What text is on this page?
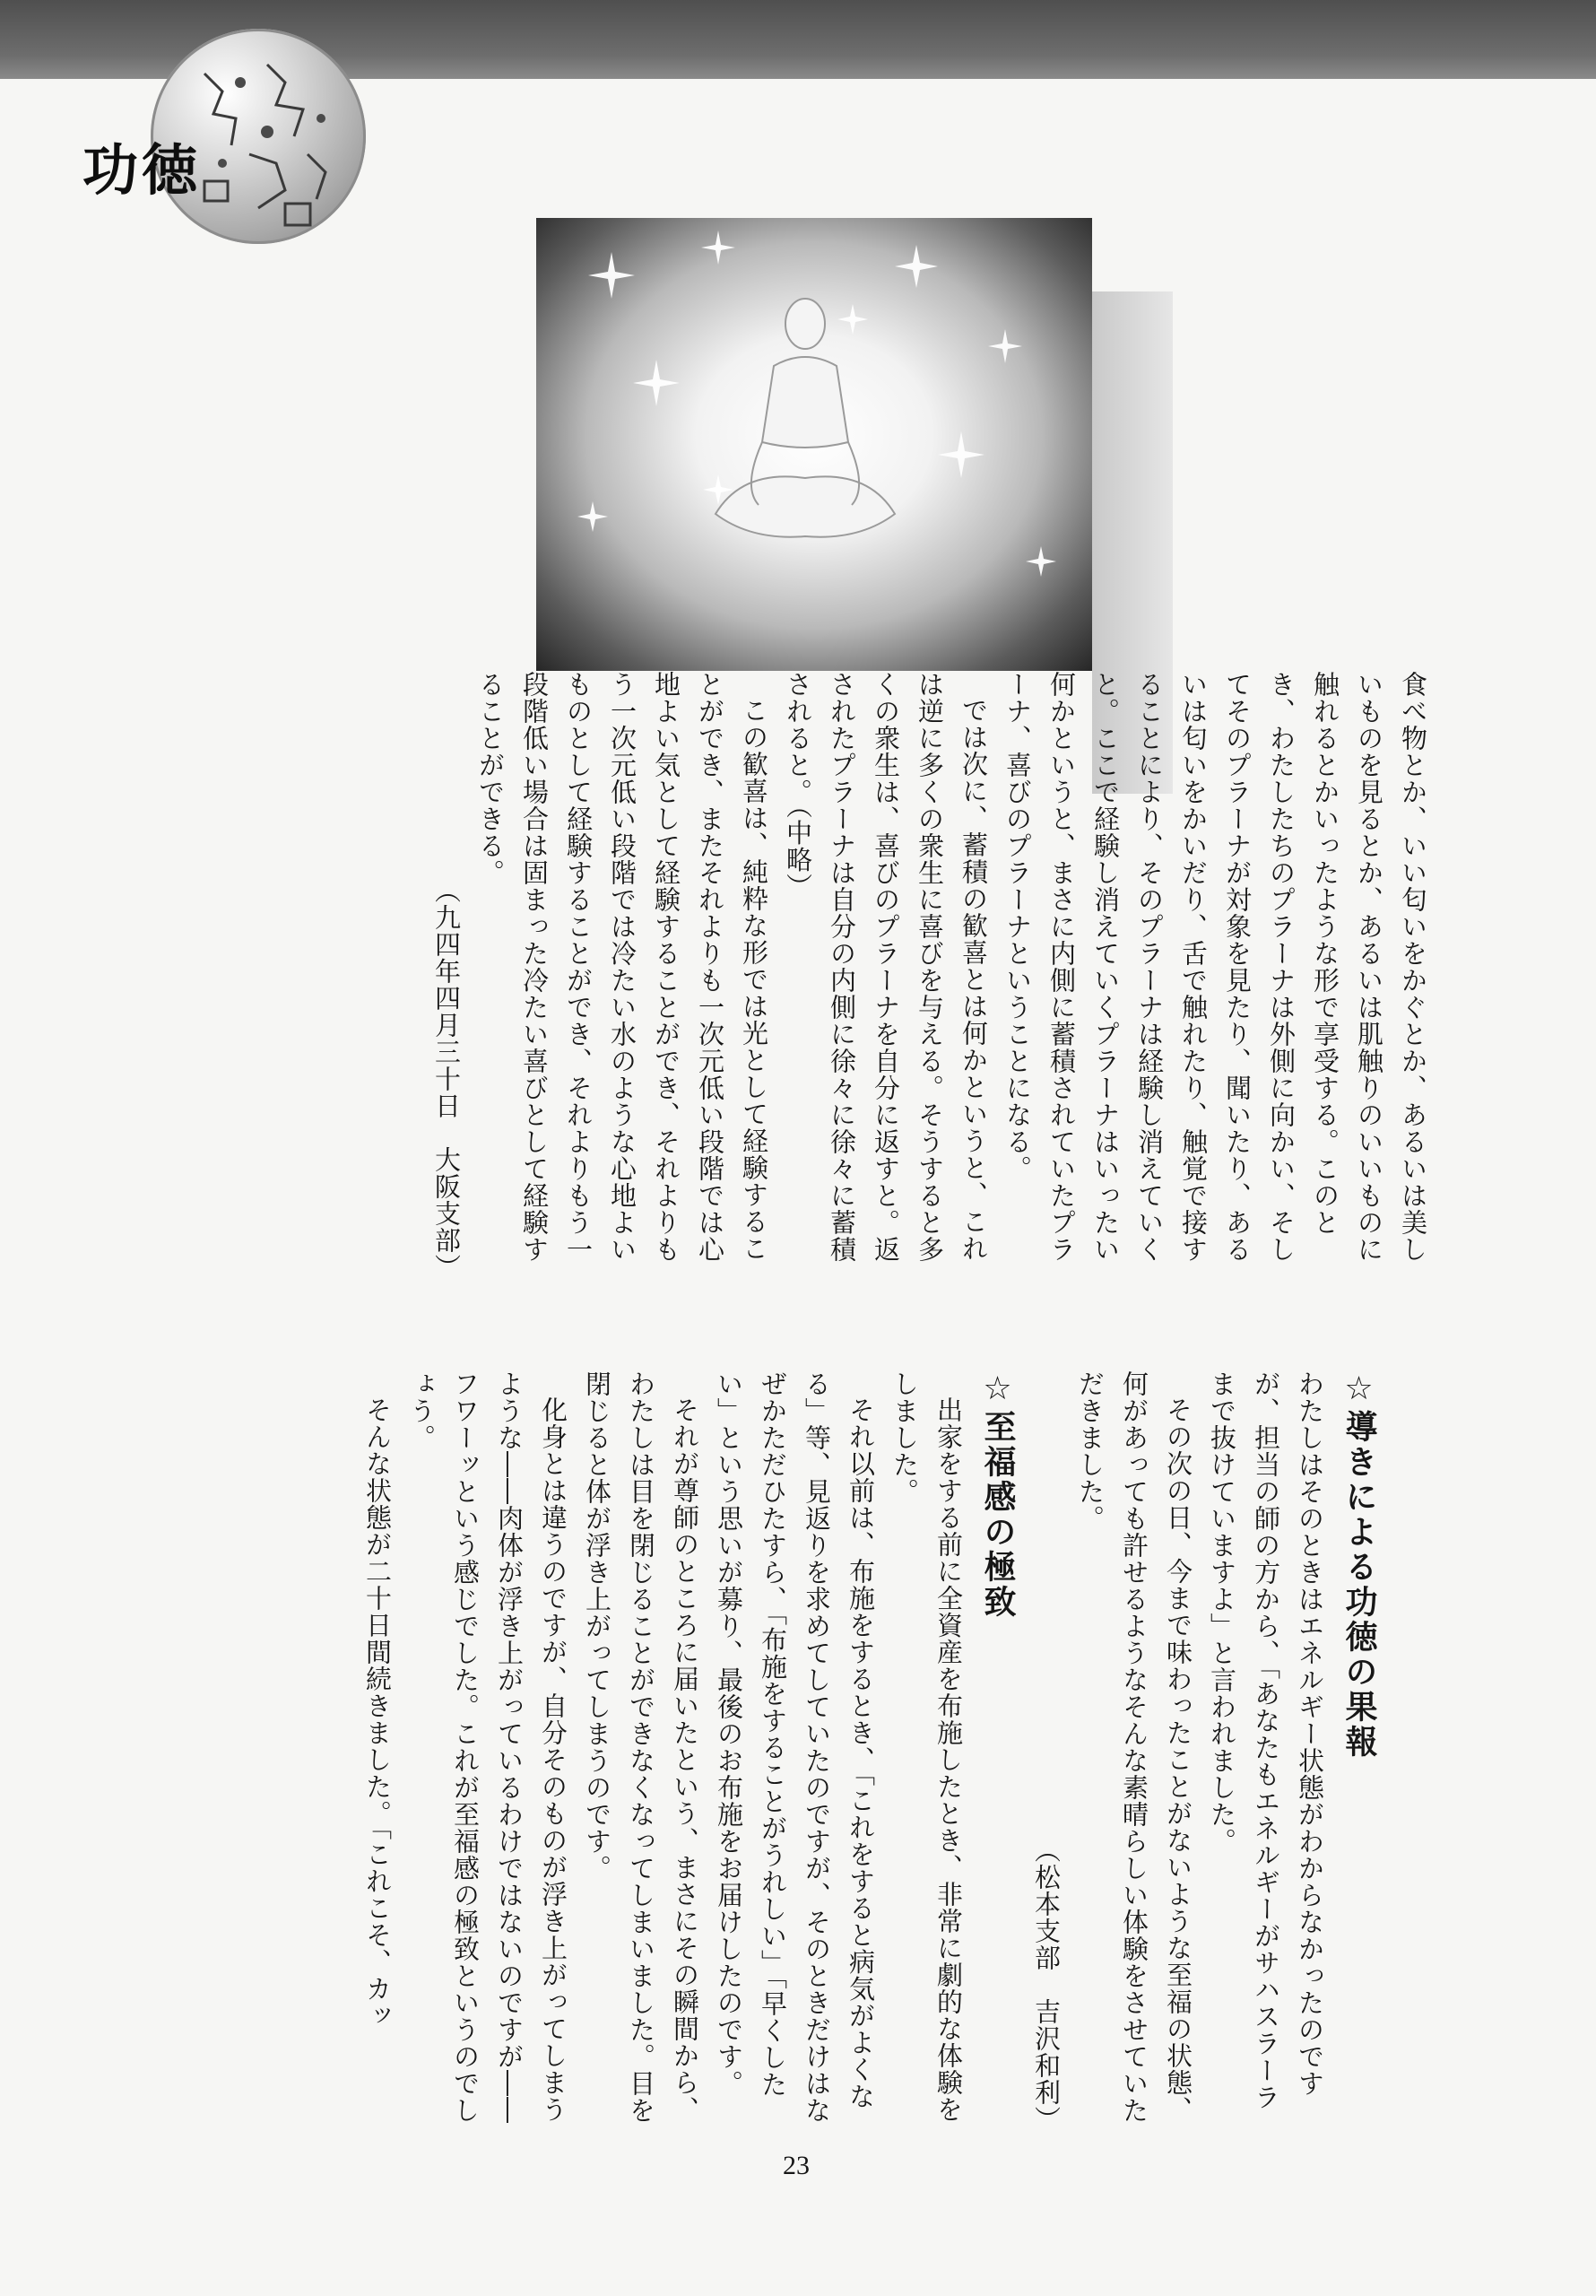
功徳

食べ物とか、いい匂いをかぐとか、あるいは美しいものを見るとか、あるいは肌触りのいいものに触れるとかいったような形で享受する。このとき、わたしたちのプラーナは外側に向かい、そしてそのプラーナが対象を見たり、聞いたり、あるいは匂いをかいだり、舌で触れたり、触覚で接することにより、そのプラーナは経験し消えていくと。ここで経験し消えていくプラーナはいったい何かというと、まさに内側に蓄積されていたプラーナ、喜びのプラーナということになる。

では次に、蓄積の歓喜とは何かというと、これは逆に多くの衆生に喜びを与える。そうすると多くの衆生は、喜びのプラーナを自分に返すと。返されたプラーナは自分の内側に徐々に徐々に蓄積されると。（中略）

この歓喜は、純粋な形では光として経験することができ、またそれよりも一次元低い段階では心地よい気として経験することができ、それよりもう一次元低い段階では冷たい水のような心地よいものとして経験することができ、それよりもう一段階低い場合は固まった冷たい喜びとして経験することができる。

（九四年四月三十日　大阪支部）

☆導きによる功徳の果報

わたしはそのときはエネルギー状態がわからなかったのですが、担当の師の方から、「あなたもエネルギーがサハスラーラまで抜けていますよ」と言われました。

その次の日、今まで味わったことがないような至福の状態、何があっても許せるようなそんな素晴らしい体験をさせていただきました。

（松本支部　吉沢和利）

☆至福感の極致

出家をする前に全資産を布施したとき、非常に劇的な体験をしました。

それ以前は、布施をするとき、「これをすると病気がよくなる」等、見返りを求めてしていたのですが、そのときだけはなぜかただひたすら、「布施をすることがうれしい」「早くしたい」という思いが募り、最後のお布施をお届けしたのです。

それが尊師のところに届いたという、まさにその瞬間から、わたしは目を閉じることができなくなってしまいました。目を閉じると体が浮き上がってしまうのです。

化身とは違うのですが、自分そのものが浮き上がってしまうような――肉体が浮き上がっているわけではないのですが――フワーッという感じでした。これが至福感の極致というのでしょう。

そんな状態が二十日間続きました。「これこそ、カッ

23
